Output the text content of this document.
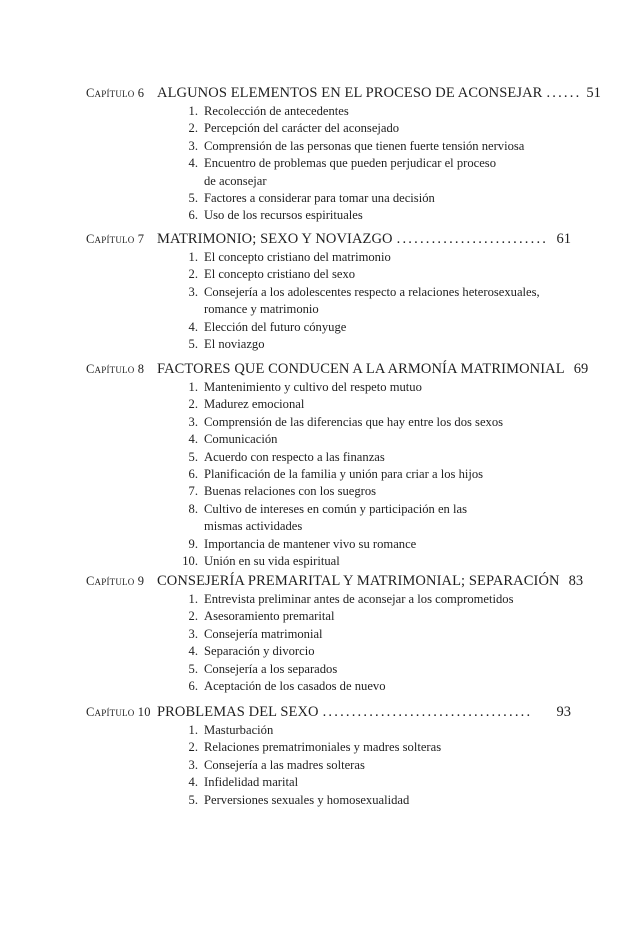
Capítulo 6 ALGUNOS ELEMENTOS EN EL PROCESO DE ACONSEJAR ...... 51
1. Recolección de antecedentes
2. Percepción del carácter del aconsejado
3. Comprensión de las personas que tienen fuerte tensión nerviosa
4. Encuentro de problemas que pueden perjudicar el proceso
de aconsejar
5. Factores a considerar para tomar una decisión
6. Uso de los recursos espirituales
Capítulo 7 MATRIMONIO; SEXO Y NOVIAZGO .......................... 61
1. El concepto cristiano del matrimonio
2. El concepto cristiano del sexo
3. Consejería a los adolescentes respecto a relaciones heterosexuales,
romance y matrimonio
4. Elección del futuro cónyuge
5. El noviazgo
Capítulo 8 FACTORES QUE CONDUCEN A LA ARMONÍA MATRIMONIAL 69
1. Mantenimiento y cultivo del respeto mutuo
2. Madurez emocional
3. Comprensión de las diferencias que hay entre los dos sexos
4. Comunicación
5. Acuerdo con respecto a las finanzas
6. Planificación de la familia y unión para criar a los hijos
7. Buenas relaciones con los suegros
8. Cultivo de intereses en común y participación en las
mismas actividades
9. Importancia de mantener vivo su romance
10. Unión en su vida espiritual
Capítulo 9 CONSEJERÍA PREMARITAL Y MATRIMONIAL; SEPARACIÓN 83
1. Entrevista preliminar antes de aconsejar a los comprometidos
2. Asesoramiento premarital
3. Consejería matrimonial
4. Separación y divorcio
5. Consejería a los separados
6. Aceptación de los casados de nuevo
Capítulo 10 PROBLEMAS DEL SEXO ....................................	93
1. Masturbación
2. Relaciones prematrimoniales y madres solteras
3. Consejería a las madres solteras
4. Infidelidad marital
5. Perversiones sexuales y homosexualidad
